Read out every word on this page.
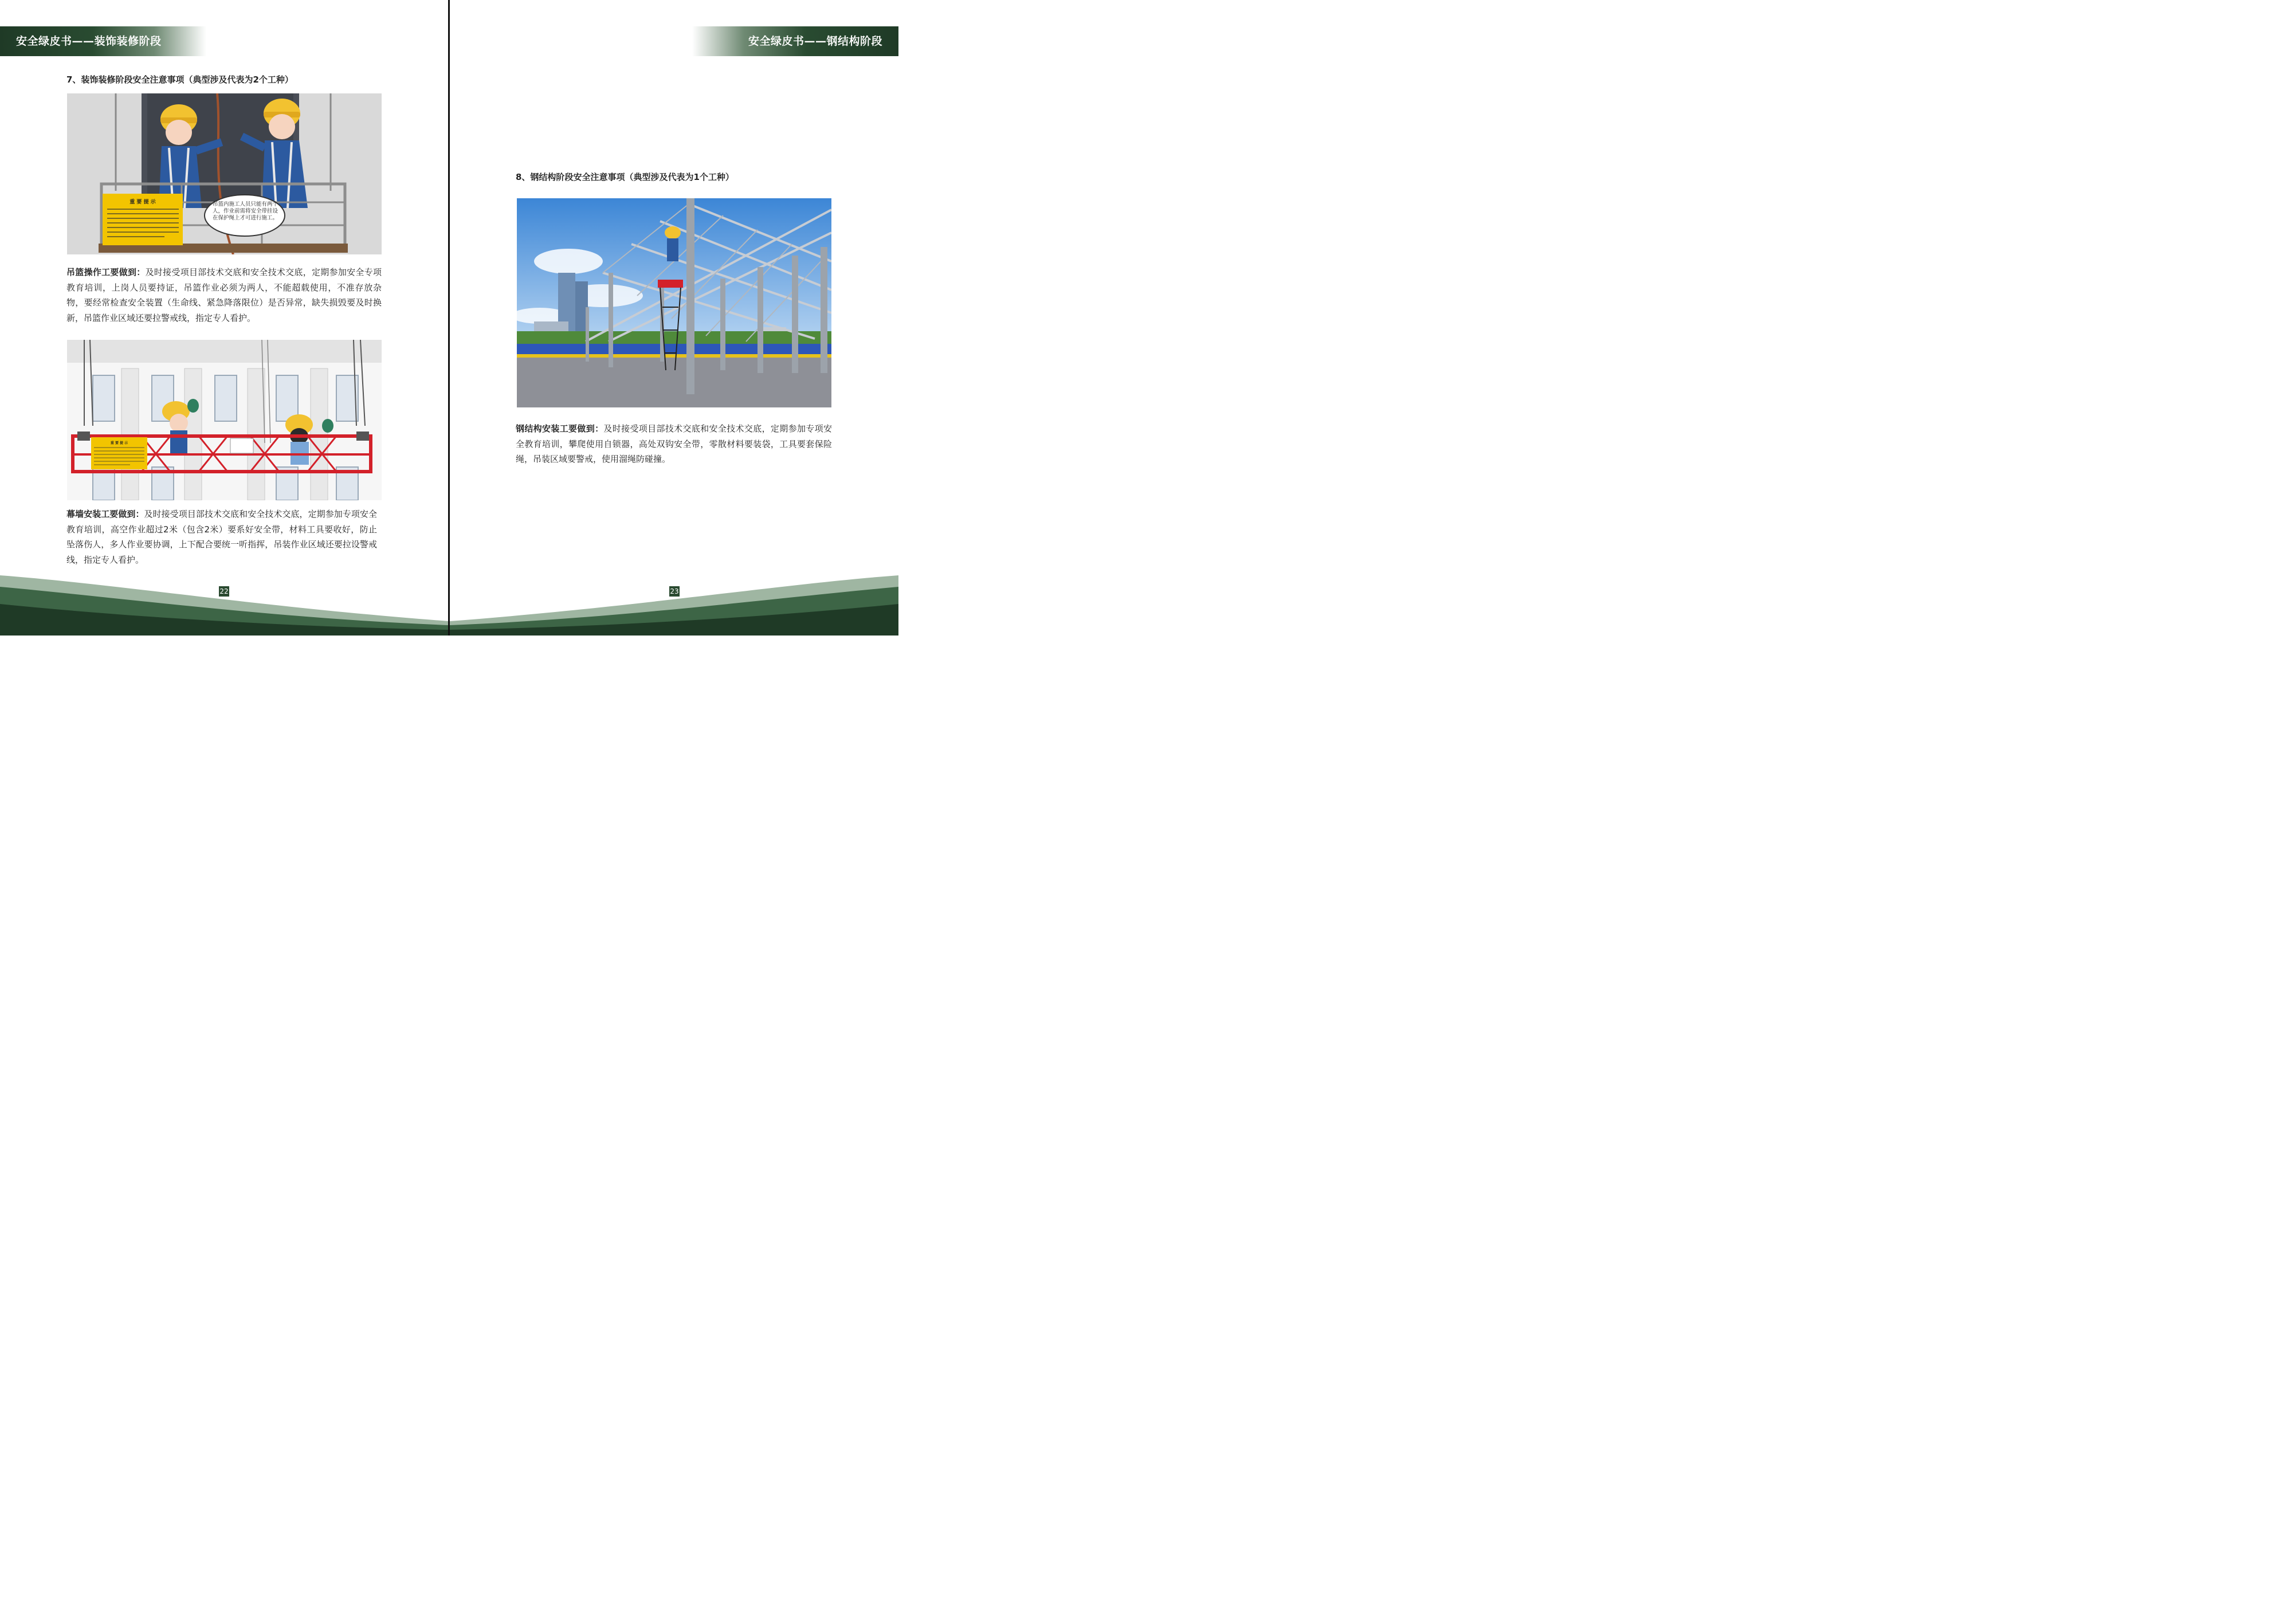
安全绿皮书——装饰装修阶段
7、装饰装修阶段安全注意事项（典型涉及代表为2个工种）
重 要 提 示	吊篮内施工人员只能有两个人，作业前需将安全带挂设在保护绳上才可进行施工。

吊篮操作工要做到：及时接受项目部技术交底和安全技术交底，定期参加安全专项教育培训，上岗人员要持证，吊篮作业必须为两人，不能超载使用，不准存放杂物，要经常检查安全装置（生命线、紧急降落限位）是否异常，缺失损毁要及时换新，吊篮作业区域还要拉警戒线，指定专人看护。

重 要 提 示

幕墙安装工要做到：及时接受项目部技术交底和安全技术交底，定期参加专项安全教育培训，高空作业超过2米（包含2米）要系好安全带，材料工具要收好，防止坠落伤人，多人作业要协调，上下配合要统一听指挥，吊装作业区域还要拉设警戒线，指定专人看护。

22
安全绿皮书——钢结构阶段
8、钢结构阶段安全注意事项（典型涉及代表为1个工种）

钢结构安装工要做到：及时接受项目部技术交底和安全技术交底，定期参加专项安全教育培训，攀爬使用自锁器，高处双钩安全带，零散材料要装袋，工具要套保险绳，吊装区域要警戒，使用溜绳防碰撞。

23
